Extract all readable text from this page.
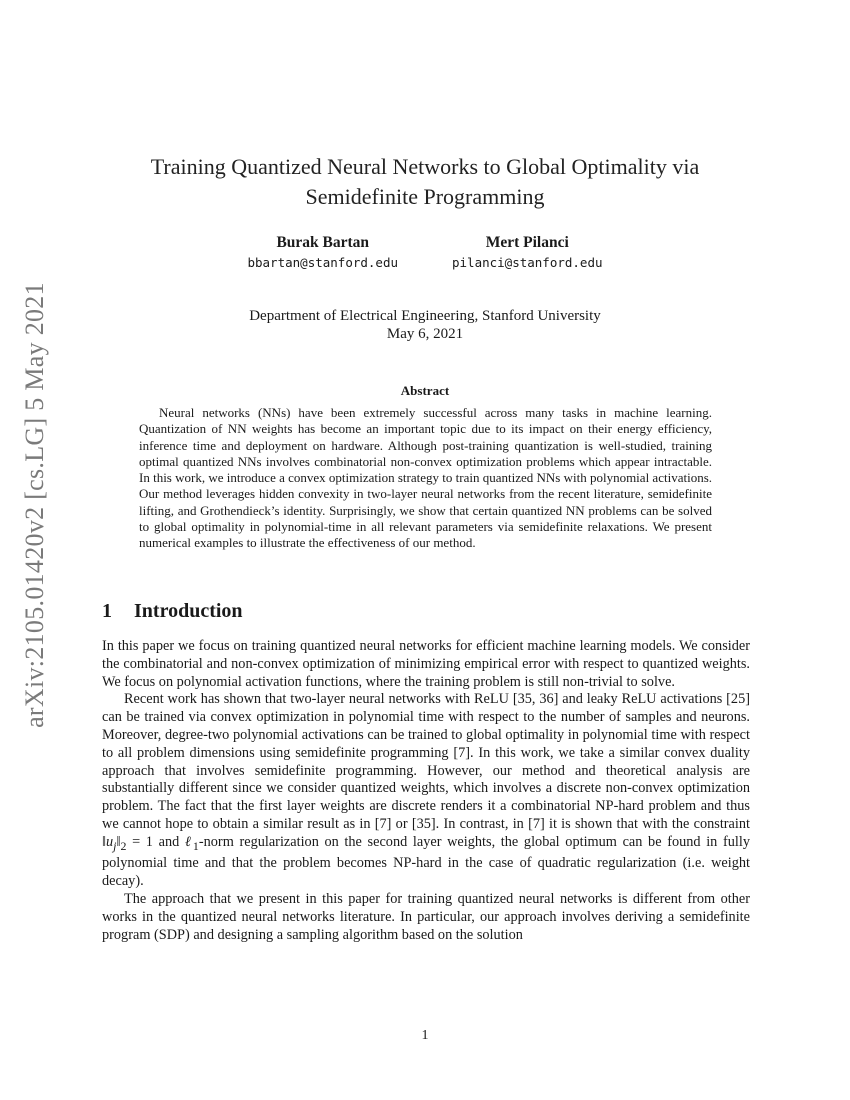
arXiv:2105.01420v2 [cs.LG] 5 May 2021
Training Quantized Neural Networks to Global Optimality via
Semidefinite Programming
Burak Bartan
bbartan@stanford.edu
Mert Pilanci
pilanci@stanford.edu
Department of Electrical Engineering, Stanford University
May 6, 2021
Abstract
Neural networks (NNs) have been extremely successful across many tasks in machine learning. Quantization of NN weights has become an important topic due to its impact on their energy efficiency, inference time and deployment on hardware. Although post-training quantization is well-studied, training optimal quantized NNs involves combinatorial non-convex optimization problems which appear intractable. In this work, we introduce a convex optimization strategy to train quantized NNs with polynomial activations. Our method leverages hidden convexity in two-layer neural networks from the recent literature, semidefinite lifting, and Grothendieck’s identity. Surprisingly, we show that certain quantized NN problems can be solved to global optimality in polynomial-time in all relevant parameters via semidefinite relaxations. We present numerical examples to illustrate the effectiveness of our method.
1 Introduction

In this paper we focus on training quantized neural networks for efficient machine learning models. We consider the combinatorial and non-convex optimization of minimizing empirical error with respect to quantized weights. We focus on polynomial activation functions, where the training problem is still non-trivial to solve.

Recent work has shown that two-layer neural networks with ReLU [35, 36] and leaky ReLU activations [25] can be trained via convex optimization in polynomial time with respect to the number of samples and neurons. Moreover, degree-two polynomial activations can be trained to global optimality in polynomial time with respect to all problem dimensions using semidefinite programming [7]. In this work, we take a similar convex duality approach that involves semidefinite programming. However, our method and theoretical analysis are substantially different since we consider quantized weights, which involves a discrete non-convex optimization problem. The fact that the first layer weights are discrete renders it a combinatorial NP-hard problem and thus we cannot hope to obtain a similar result as in [7] or [35]. In contrast, in [7] it is shown that with the constraint $‖u_j‖_2 = 1$ and ℓ$_1$-norm regularization on the second layer weights, the global optimum can be found in fully polynomial time and that the problem becomes NP-hard in the case of quadratic regularization (i.e. weight decay).

The approach that we present in this paper for training quantized neural networks is different from other works in the quantized neural networks literature. In particular, our approach involves deriving a semidefinite program (SDP) and designing a sampling algorithm based on the solution

1
